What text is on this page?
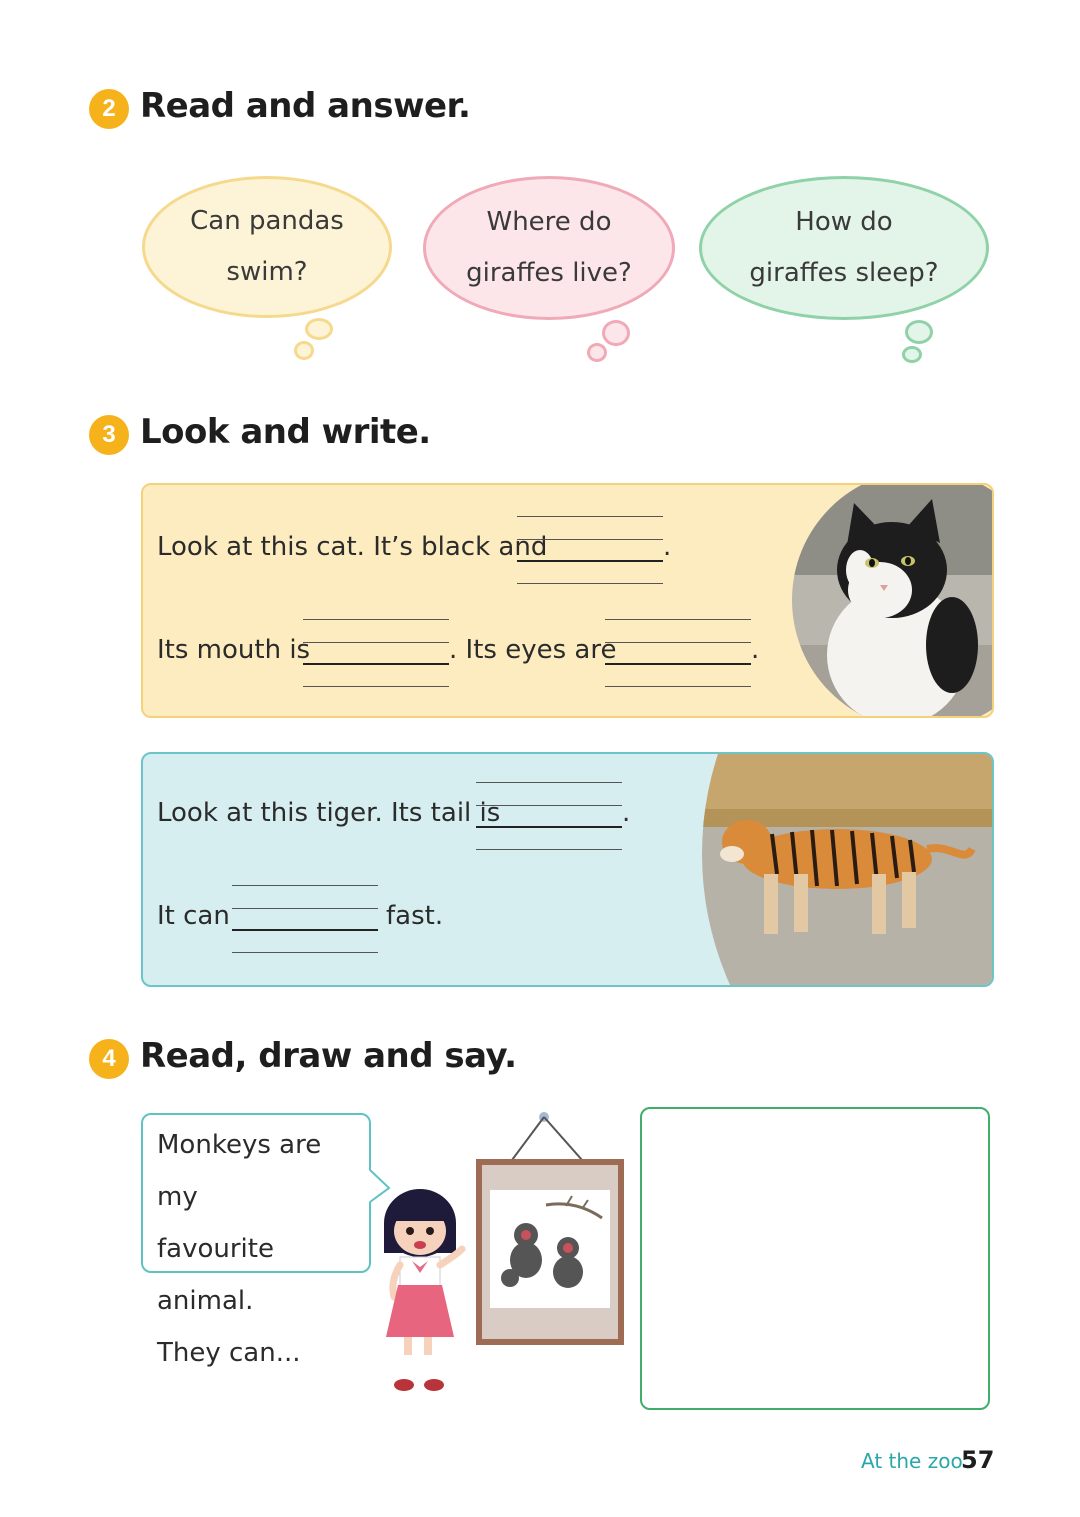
2 Read and answer.
Can pandas
swim?
Where do
giraffes live?
How do
giraffes sleep?
3 Look and write.
Look at this cat. It’s black and	.
Its mouth is	. Its eyes are	.
Look at this tiger. Its tail is	.
It can	fast.
4 Read, draw and say.
Monkeys are my
favourite animal.
They can...
At the zoo
57
